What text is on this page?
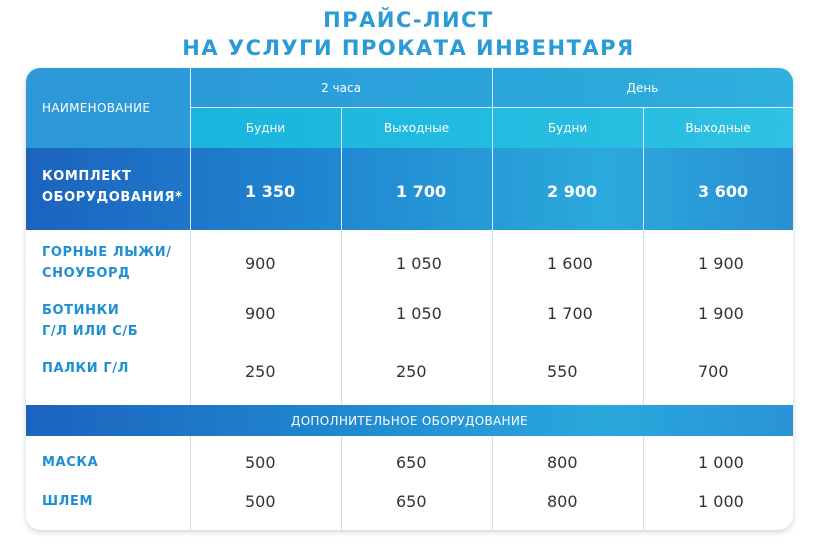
ПРАЙС-ЛИСТ

НА УСЛУГИ ПРОКАТА ИНВЕНТАРЯ

НАИМЕНОВАНИЕ
2 часа	День
Будни	Выходные	Будни	Выходные
КОМПЛЕКТ
ОБОРУДОВАНИЯ*	1 350	1 700	2 900	3 600
ГОРНЫЕ ЛЫЖИ/
СНОУБОРД
900	1 050	1 600	1 900
БОТИНКИ
Г/Л ИЛИ С/Б
900	1 050	1 700	1 900
ПАЛКИ Г/Л	250	250	550	700
ДОПОЛНИТЕЛЬНОЕ ОБОРУДОВАНИЕ
МАСКА	500	650	800	1 000
ШЛЕМ	500	650	800	1 000
